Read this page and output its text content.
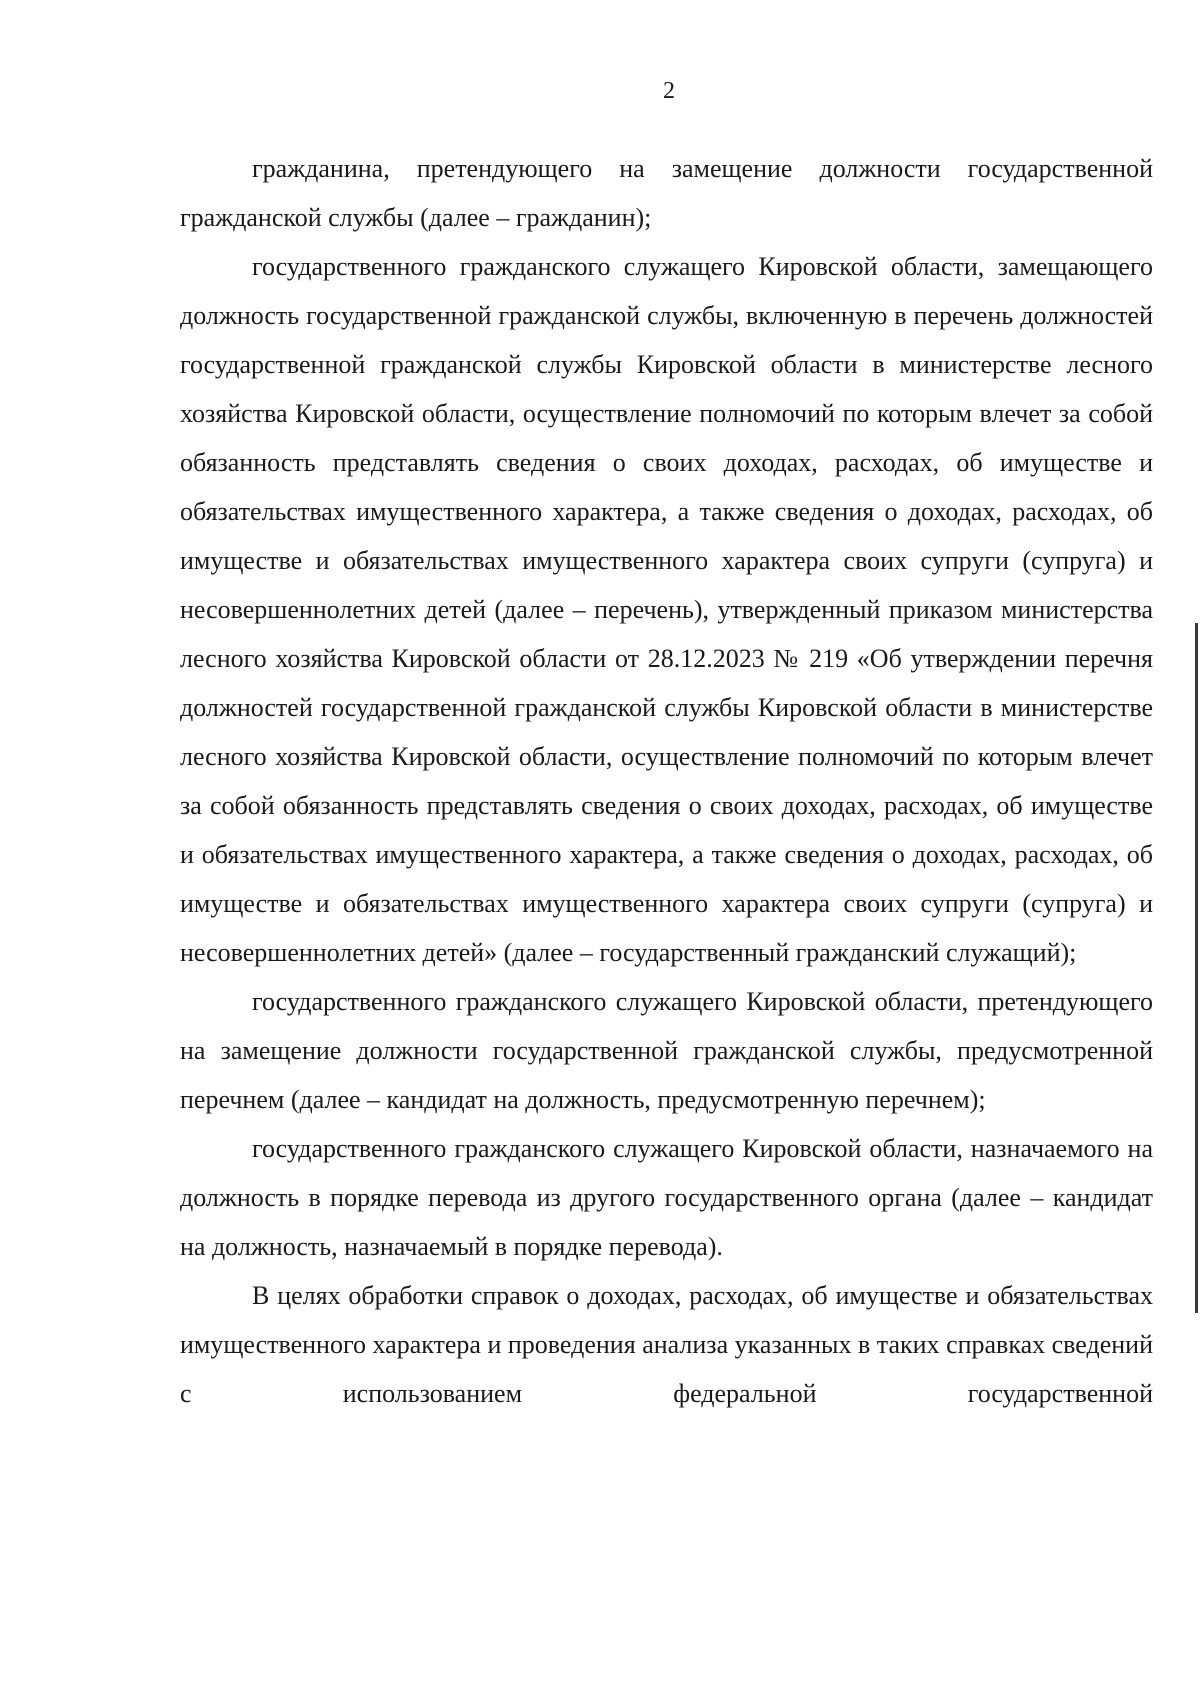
2

гражданина, претендующего на замещение должности государственной гражданской службы (далее – гражданин);

государственного гражданского служащего Кировской области, замещающего должность государственной гражданской службы, включенную в перечень должностей государственной гражданской службы Кировской области в министерстве лесного хозяйства Кировской области, осуществление полномочий по которым влечет за собой обязанность представлять сведения о своих доходах, расходах, об имуществе и обязательствах имущественного характера, а также сведения о доходах, расходах, об имуществе и обязательствах имущественного характера своих супруги (супруга) и несовершеннолетних детей (далее – перечень), утвержденный приказом министерства лесного хозяйства Кировской области от 28.12.2023 № 219 «Об утверждении перечня должностей государственной гражданской службы Кировской области в министерстве лесного хозяйства Кировской области, осуществление полномочий по которым влечет за собой обязанность представлять сведения о своих доходах, расходах, об имуществе и обязательствах имущественного характера, а также сведения о доходах, расходах, об имуществе и обязательствах имущественного характера своих супруги (супруга) и несовершеннолетних детей» (далее – государственный гражданский служащий);

государственного гражданского служащего Кировской области, претендующего на замещение должности государственной гражданской службы, предусмотренной перечнем (далее – кандидат на должность, предусмотренную перечнем);

государственного гражданского служащего Кировской области, назначаемого на должность в порядке перевода из другого государственного органа (далее – кандидат на должность, назначаемый в порядке перевода).

В целях обработки справок о доходах, расходах, об имуществе и обязательствах имущественного характера и проведения анализа указанных в таких справках сведений с использованием федеральной государственной
